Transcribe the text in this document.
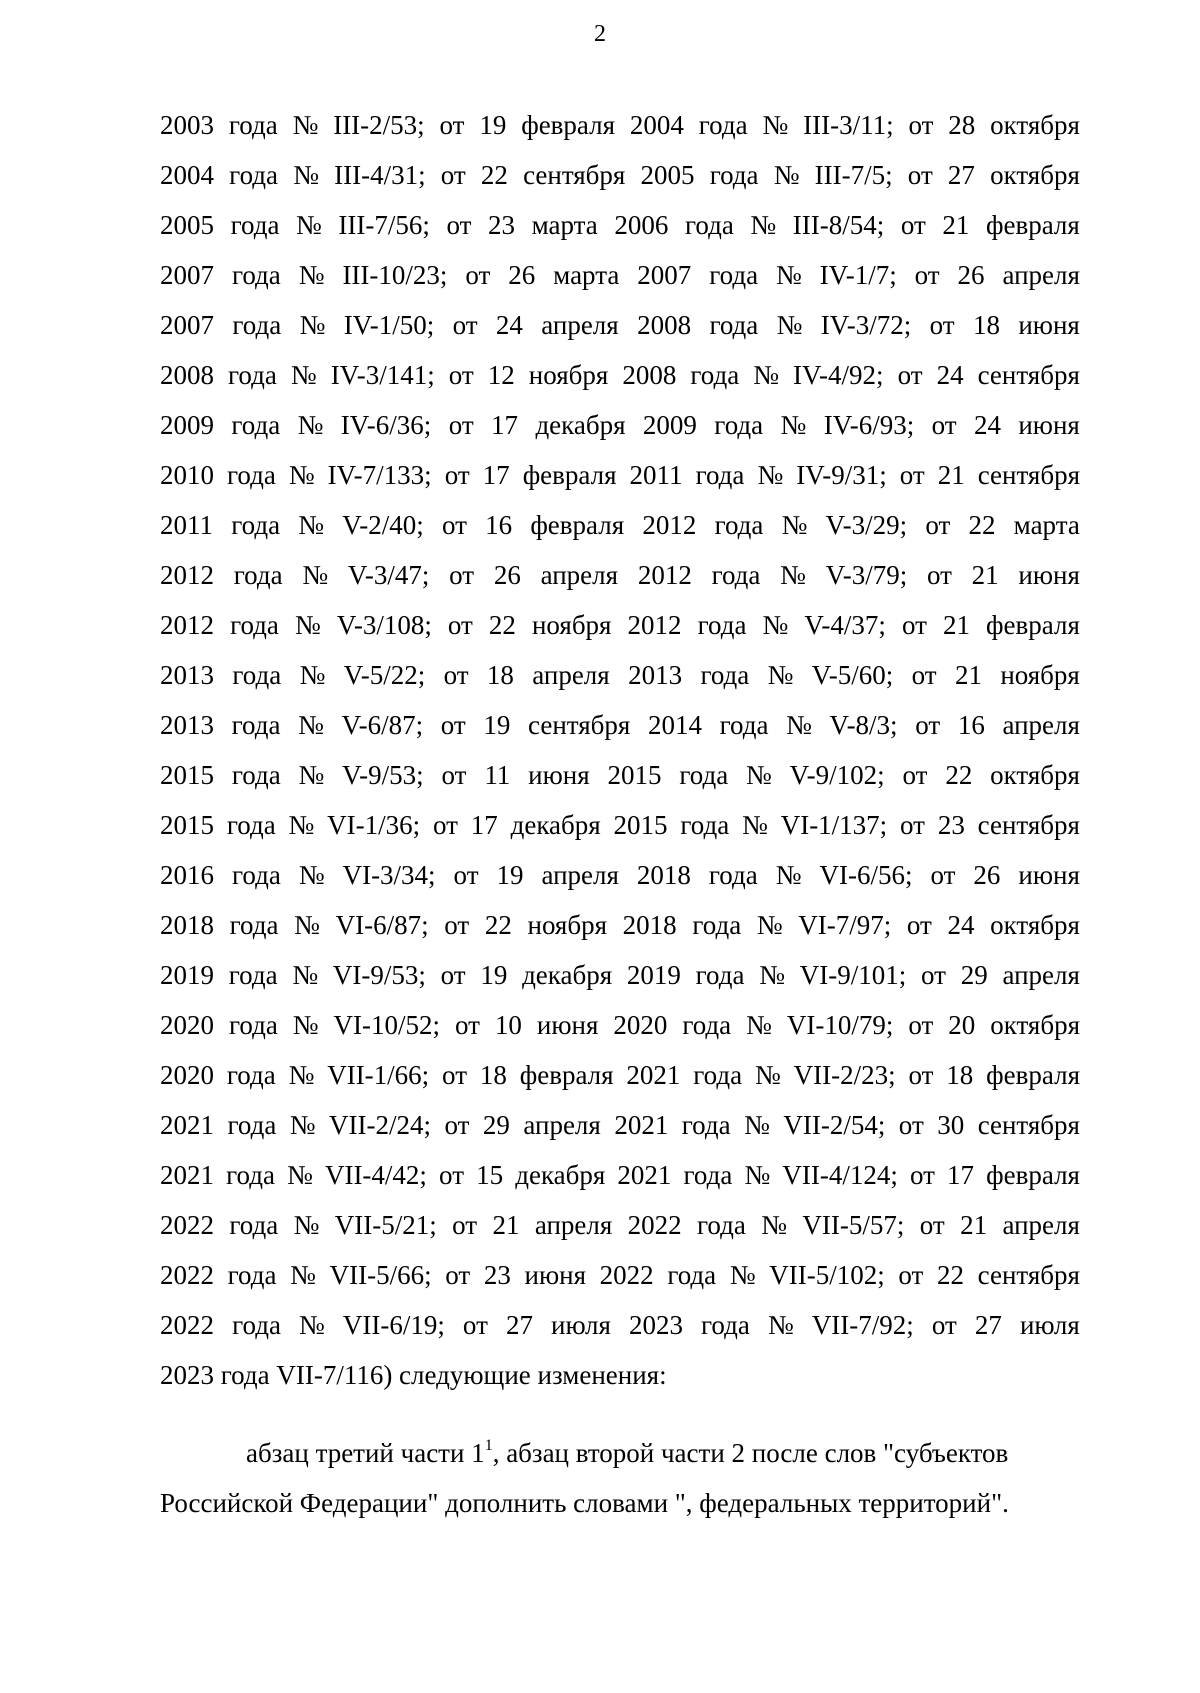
2
2003 года № III-2/53; от 19 февраля 2004 года № III-3/11; от 28 октября
2004 года № III-4/31; от 22 сентября 2005 года № III-7/5; от 27 октября
2005 года № III-7/56; от 23 марта 2006 года № III-8/54; от 21 февраля
2007 года № III-10/23; от 26 марта 2007 года № IV-1/7; от 26 апреля
2007 года № IV-1/50; от 24 апреля 2008 года № IV-3/72; от 18 июня
2008 года № IV-3/141; от 12 ноября 2008 года № IV-4/92; от 24 сентября
2009 года № IV-6/36; от 17 декабря 2009 года № IV-6/93; от 24 июня
2010 года № IV-7/133; от 17 февраля 2011 года № IV-9/31; от 21 сентября
2011 года № V-2/40; от 16 февраля 2012 года № V-3/29; от 22 марта
2012 года № V-3/47; от 26 апреля 2012 года № V-3/79; от 21 июня
2012 года № V-3/108; от 22 ноября 2012 года № V-4/37; от 21 февраля
2013 года № V-5/22; от 18 апреля 2013 года № V-5/60; от 21 ноября
2013 года № V-6/87; от 19 сентября 2014 года № V-8/3; от 16 апреля
2015 года № V-9/53; от 11 июня 2015 года № V-9/102; от 22 октября
2015 года № VI-1/36; от 17 декабря 2015 года № VI-1/137; от 23 сентября
2016 года № VI-3/34; от 19 апреля 2018 года № VI-6/56; от 26 июня
2018 года № VI-6/87; от 22 ноября 2018 года № VI-7/97; от 24 октября
2019 года № VI-9/53; от 19 декабря 2019 года № VI-9/101; от 29 апреля
2020 года № VI-10/52; от 10 июня 2020 года № VI-10/79; от 20 октября
2020 года № VII-1/66; от 18 февраля 2021 года № VII-2/23; от 18 февраля
2021 года № VII-2/24; от 29 апреля 2021 года № VII-2/54; от 30 сентября
2021 года № VII-4/42; от 15 декабря 2021 года № VII-4/124; от 17 февраля
2022 года № VII-5/21; от 21 апреля 2022 года № VII-5/57; от 21 апреля
2022 года № VII-5/66; от 23 июня 2022 года № VII-5/102; от 22 сентября
2022 года № VII-6/19; от 27 июля 2023 года № VII-7/92; от 27 июля
2023 года VII-7/116) следующие изменения:
абзац третий части $1^1$, абзац второй части 2 после слов "субъектов
Российской Федерации" дополнить словами ", федеральных территорий".
